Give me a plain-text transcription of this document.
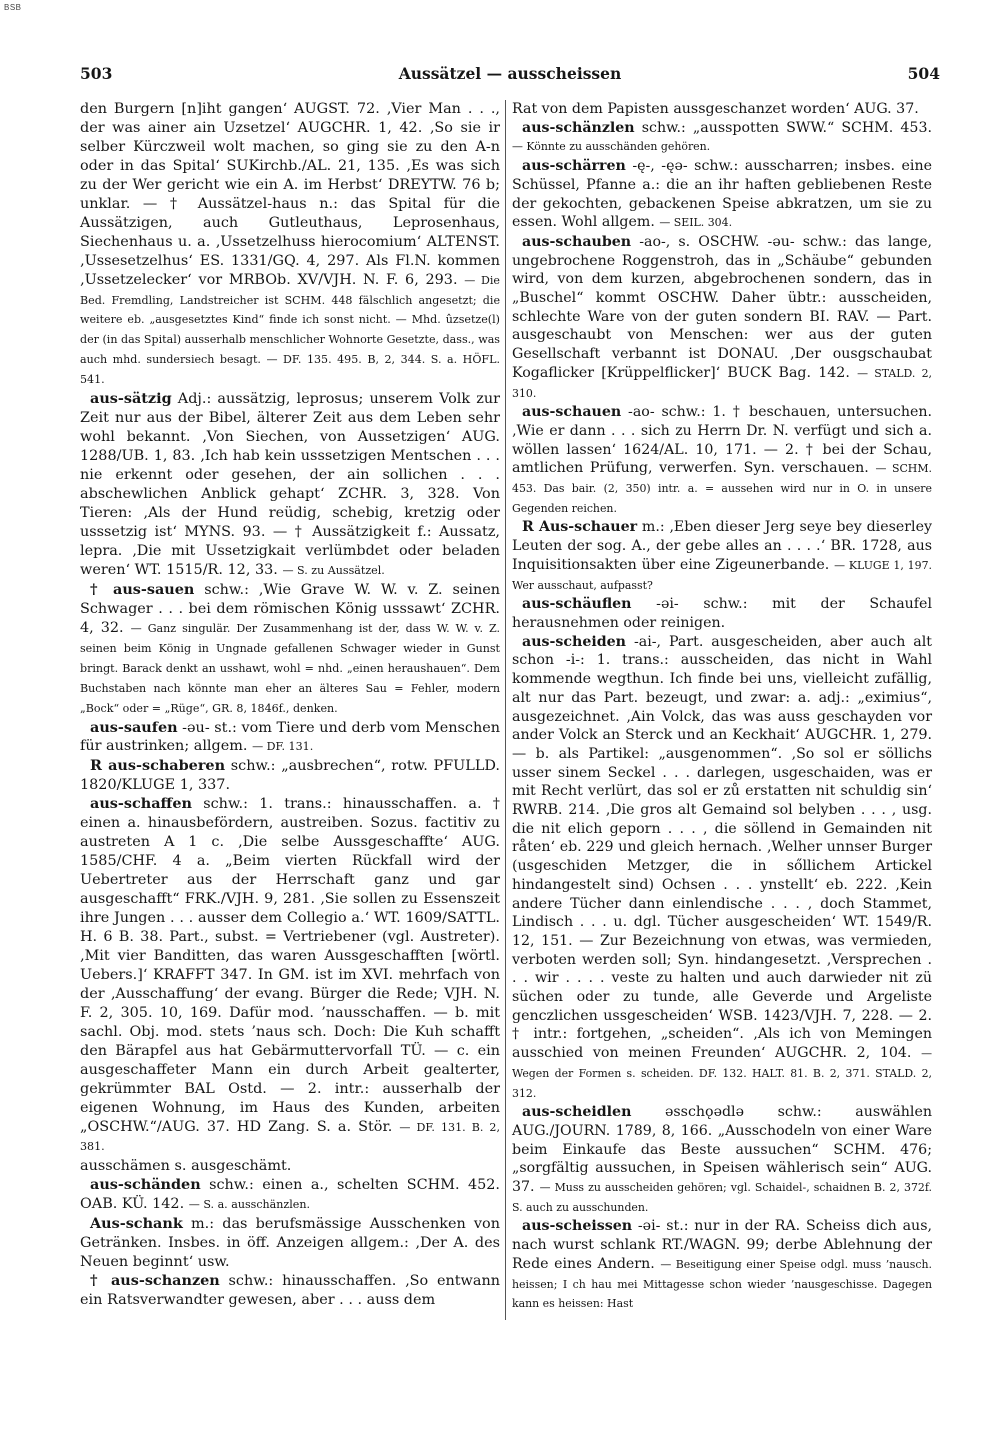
BSB
503	Aussätzel — ausscheissen	504

den Burgern [n]iht gangen‘ AUGST. 72. ‚Vier Man . . ., der was ainer ain Uzsetzel‘ AUGCHR. 1, 42. ‚So sie ir selber Kürczweil wolt machen, so ging sie zu den A-n oder in das Spital‘ SUKirchb./AL. 21, 135. ‚Es was sich zu der Wer gericht wie ein A. im Herbst‘ DREYTW. 76 b; unklar. — † Aussätzel-haus n.: das Spital für die Aussätzigen, auch Gutleuthaus, Leprosenhaus, Siechenhaus u. a. ‚Ussetzelhuss hierocomium‘ ALTENST. ‚Ussesetzelhus‘ ES. 1331/GQ. 4, 297. Als Fl.N. kommen ‚Ussetzelecker‘ vor MRBOb. XV/VJH. N. F. 6, 293. — Die Bed. Fremdling, Landstreicher ist SCHM. 448 fälschlich angesetzt; die weitere eb. „ausgesetztes Kind“ finde ich sonst nicht. — Mhd. ûzsetze(l) der (in das Spital) ausserhalb menschlicher Wohnorte Gesetzte, dass., was auch mhd. sundersiech besagt. — DF. 135. 495. B, 2, 344. S. a. HÖFL. 541.

aus-sätzig Adj.: aussätzig, leprosus; unserem Volk zur Zeit nur aus der Bibel, älterer Zeit aus dem Leben sehr wohl bekannt. ‚Von Siechen, von Aussetzigen‘ AUG. 1288/UB. 1, 83. ‚Ich hab kein usssetzigen Mentschen . . . nie erkennt oder gesehen, der ain sollichen . . . abschewlichen Anblick gehapt‘ ZCHR. 3, 328. Von Tieren: ‚Als der Hund reüdig, schebig, kretzig oder usssetzig ist‘ MYNS. 93. — † Aussätzigkeit f.: Aussatz, lepra. ‚Die mit Ussetzigkait verlümbdet oder beladen weren‘ WT. 1515/R. 12, 33. — S. zu Aussätzel.

† aus-sauen schw.: ‚Wie Grave W. W. v. Z. seinen Schwager . . . bei dem römischen König usssawt‘ ZCHR. 4, 32. — Ganz singulär. Der Zusammenhang ist der, dass W. W. v. Z. seinen beim König in Ungnade gefallenen Schwager wieder in Gunst bringt. Barack denkt an usshawt, wohl = nhd. „einen heraushauen“. Dem Buchstaben nach könnte man eher an älteres Sau = Fehler, modern „Bock“ oder = „Rüge“, GR. 8, 1846f., denken.

aus-saufen -əu- st.: vom Tiere und derb vom Menschen für austrinken; allgem. — DF. 131.

R aus-schaberen schw.: „ausbrechen“, rotw. PFULLD. 1820/KLUGE 1, 337.

aus-schaffen schw.: 1. trans.: hinausschaffen. a. † einen a. hinausbefördern, austreiben. Sozus. factitiv zu austreten A 1 c. ‚Die selbe Aussgeschaffte‘ AUG. 1585/CHF. 4 a. „Beim vierten Rückfall wird der Uebertreter aus der Herrschaft ganz und gar ausgeschafft“ FRK./VJH. 9, 281. ‚Sie sollen zu Essenszeit ihre Jungen . . . ausser dem Collegio a.‘ WT. 1609/SATTL. H. 6 B. 38. Part., subst. = Vertriebener (vgl. Austreter). ‚Mit vier Banditten, das waren Aussgeschafften [wörtl. Uebers.]‘ KRAFFT 347. In GM. ist im XVI. mehrfach von der ‚Ausschaffung‘ der evang. Bürger die Rede; VJH. N. F. 2, 305. 10, 169. Dafür mod. ’nausschaffen. — b. mit sachl. Obj. mod. stets ’naus sch. Doch: Die Kuh schafft den Bärapfel aus hat Gebärmuttervorfall TÜ. — c. ein ausgeschaffeter Mann ein durch Arbeit gealterter, gekrümmter BAL Ostd. — 2. intr.: ausserhalb der eigenen Wohnung, im Haus des Kunden, arbeiten „OSCHW.“/AUG. 37. HD Zang. S. a. Stör. — DF. 131. B. 2, 381.

ausschämen s. ausgeschämt.

aus-schänden schw.: einen a., schelten SCHM. 452. OAB. KÜ. 142. — S. a. ausschänzlen.

Aus-schank m.: das berufsmässige Ausschenken von Getränken. Insbes. in öff. Anzeigen allgem.: ‚Der A. des Neuen beginnt‘ usw.

† aus-schanzen schw.: hinausschaffen. ‚So entwann ein Ratsverwandter gewesen, aber . . . auss dem

Rat von dem Papisten aussgeschanzet worden‘ AUG. 37.

aus-schänzlen schw.: „ausspotten SWW.“ SCHM. 453. — Könnte zu ausschänden gehören.

aus-schärren -ę-, -ęə- schw.: ausscharren; insbes. eine Schüssel, Pfanne a.: die an ihr haften gebliebenen Reste der gekochten, gebackenen Speise abkratzen, um sie zu essen. Wohl allgem. — SEIL. 304.

aus-schauben -ao-, s. OSCHW. -əu- schw.: das lange, ungebrochene Roggenstroh, das in „Schäube“ gebunden wird, von dem kurzen, abgebrochenen sondern, das in „Buschel“ kommt OSCHW. Daher übtr.: ausscheiden, schlechte Ware von der guten sondern BI. RAV. — Part. ausgeschaubt von Menschen: wer aus der guten Gesellschaft verbannt ist DONAU. ‚Der ousgschaubat Kogaflicker [Krüppelflicker]‘ BUCK Bag. 142. — STALD. 2, 310.

aus-schauen -ao- schw.: 1. † beschauen, untersuchen. ‚Wie er dann . . . sich zu Herrn Dr. N. verfügt und sich a. wöllen lassen‘ 1624/AL. 10, 171. — 2. † bei der Schau, amtlichen Prüfung, verwerfen. Syn. verschauen. — SCHM. 453. Das bair. (2, 350) intr. a. = aussehen wird nur in O. in unsere Gegenden reichen.

R Aus-schauer m.: ‚Eben dieser Jerg seye bey dieserley Leuten der sog. A., der gebe alles an . . . .‘ BR. 1728, aus Inquisitionsakten über eine Zigeunerbande. — KLUGE 1, 197. Wer ausschaut, aufpasst?

aus-schäuflen -əi- schw.: mit der Schaufel herausnehmen oder reinigen.

aus-scheiden -ai-, Part. ausgescheiden, aber auch alt schon -i-: 1. trans.: ausscheiden, das nicht in Wahl kommende wegthun. Ich finde bei uns, vielleicht zufällig, alt nur das Part. bezeugt, und zwar: a. adj.: „eximius“, ausgezeichnet. ‚Ain Volck, das was auss geschayden vor ander Volck an Sterck und an Keckhait‘ AUGCHR. 1, 279. — b. als Partikel: „ausgenommen“. ‚So sol er söllichs usser sinem Seckel . . . darlegen, usgeschaiden, was er mit Recht verlürt, das sol er zů erstatten nit schuldig sin‘ RWRB. 214. ‚Die gros alt Gemaind sol belyben . . . , usg. die nit elich geporn . . . , die söllend in Gemainden nit råten‘ eb. 229 und gleich hernach. ‚Welher unnser Burger (usgeschiden Metzger, die in sőllichem Artickel hindangestelt sind) Ochsen . . . ynstellt‘ eb. 222. ‚Kein andere Tücher dann einlendische . . . , doch Stammet, Lindisch . . . u. dgl. Tücher ausgescheiden‘ WT. 1549/R. 12, 151. — Zur Bezeichnung von etwas, was vermieden, verboten werden soll; Syn. hindangesetzt. ‚Versprechen . . . wir . . . . veste zu halten und auch darwieder nit zü süchen oder zu tunde, alle Geverde und Argeliste genczlichen ussgescheiden‘ WSB. 1423/VJH. 7, 228. — 2. † intr.: fortgehen, „scheiden“. ‚Als ich von Memingen ausschied von meinen Freunden‘ AUGCHR. 2, 104. — Wegen der Formen s. scheiden. DF. 132. HALT. 81. B. 2, 371. STALD. 2, 312.

aus-scheidlen əsschǫədlə schw.: auswählen AUG./JOURN. 1789, 8, 166. „Ausschodeln von einer Ware beim Einkaufe das Beste aussuchen“ SCHM. 476; „sorgfältig aussuchen, in Speisen wählerisch sein“ AUG. 37. — Muss zu ausscheiden gehören; vgl. Schaidel-, schaidnen B. 2, 372f. S. auch zu ausschunden.

aus-scheissen -əi- st.: nur in der RA. Scheiss dich aus, nach wurst schlank RT./WAGN. 99; derbe Ablehnung der Rede eines Andern. — Beseitigung einer Speise odgl. muss ’nausch. heissen; I ch hau mei Mittagesse schon wieder ’nausgeschisse. Dagegen kann es heissen: Hast
